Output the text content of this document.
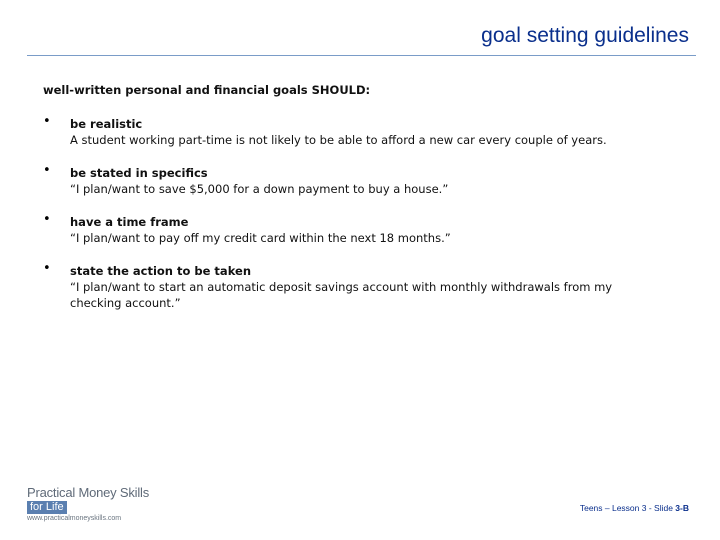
goal setting guidelines
well-written personal and financial goals SHOULD:
• be realistic
A student working part-time is not likely to be able to afford a new car every couple of years.
• be stated in specifics
“I plan/want to save $5,000 for a down payment to buy a house.”
• have a time frame
“I plan/want to pay off my credit card within the next 18 months.”
• state the action to be taken
“I plan/want to start an automatic deposit savings account with monthly withdrawals from my checking account.”
Practical Money Skills
for Life
www.practicalmoneyskills.com
Teens – Lesson 3 - Slide 3-B
